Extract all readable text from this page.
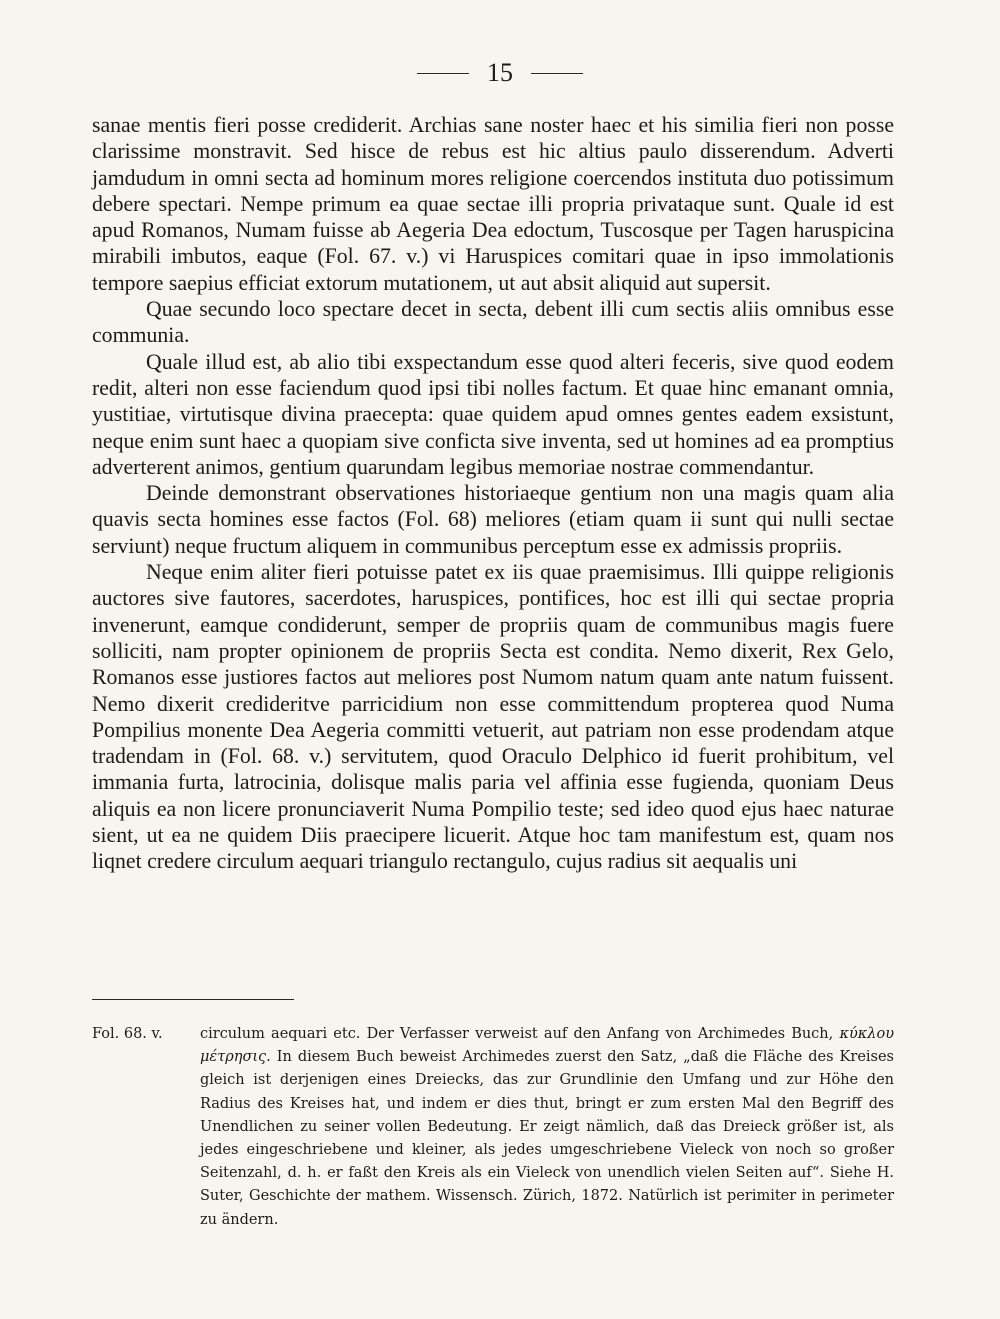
15

sanae mentis fieri posse crediderit. Archias sane noster haec et his similia fieri non posse clarissime monstravit. Sed hisce de rebus est hic altius paulo disserendum. Adverti jamdudum in omni secta ad hominum mores religione coercendos instituta duo potissimum debere spectari. Nempe primum ea quae sectae illi propria privataque sunt. Quale id est apud Romanos, Numam fuisse ab Aegeria Dea edoctum, Tuscosque per Tagen haruspicina mirabili imbutos, eaque (Fol. 67. v.) vi Haruspices comitari quae in ipso immolationis tempore saepius efficiat extorum mutationem, ut aut absit aliquid aut supersit.

Quae secundo loco spectare decet in secta, debent illi cum sectis aliis omnibus esse communia.

Quale illud est, ab alio tibi exspectandum esse quod alteri feceris, sive quod eodem redit, alteri non esse faciendum quod ipsi tibi nolles factum. Et quae hinc emanant omnia, yustitiae, virtutisque divina praecepta: quae quidem apud omnes gentes eadem exsistunt, neque enim sunt haec a quopiam sive conficta sive inventa, sed ut homines ad ea promptius adverterent animos, gentium quarundam legibus memoriae nostrae commendantur.

Deinde demonstrant observationes historiaeque gentium non una magis quam alia quavis secta homines esse factos (Fol. 68) meliores (etiam quam ii sunt qui nulli sectae serviunt) neque fructum aliquem in communibus perceptum esse ex admissis propriis.

Neque enim aliter fieri potuisse patet ex iis quae praemisimus. Illi quippe religionis auctores sive fautores, sacerdotes, haruspices, pontifices, hoc est illi qui sectae propria invenerunt, eamque condiderunt, semper de propriis quam de communibus magis fuere solliciti, nam propter opinionem de propriis Secta est condita. Nemo dixerit, Rex Gelo, Romanos esse justiores factos aut meliores post Numom natum quam ante natum fuissent. Nemo dixerit credideritve parricidium non esse committendum propterea quod Numa Pompilius monente Dea Aegeria committi vetuerit, aut patriam non esse prodendam atque tradendam in (Fol. 68. v.) servitutem, quod Oraculo Delphico id fuerit prohibitum, vel immania furta, latrocinia, dolisque malis paria vel affinia esse fugienda, quoniam Deus aliquis ea non licere pronunciaverit Numa Pompilio teste; sed ideo quod ejus haec naturae sient, ut ea ne quidem Diis praecipere licuerit. Atque hoc tam manifestum est, quam nos liqnet credere circulum aequari triangulo rectangulo, cujus radius sit aequalis uni

Fol. 68. v.	circulum aequari etc. Der Verfasser verweist auf den Anfang von Archimedes Buch, κύκλου μέτρησις. In diesem Buch beweist Archimedes zuerst den Satz, „daß die Fläche des Kreises gleich ist derjenigen eines Dreiecks, das zur Grundlinie den Umfang und zur Höhe den Radius des Kreises hat, und indem er dies thut, bringt er zum ersten Mal den Begriff des Unendlichen zu seiner vollen Bedeutung. Er zeigt nämlich, daß das Dreieck größer ist, als jedes eingeschriebene und kleiner, als jedes umgeschriebene Vieleck von noch so großer Seitenzahl, d. h. er faßt den Kreis als ein Vieleck von unendlich vielen Seiten auf“. Siehe H. Suter, Geschichte der mathem. Wissensch. Zürich, 1872. Natürlich ist perimiter in perimeter zu ändern.
